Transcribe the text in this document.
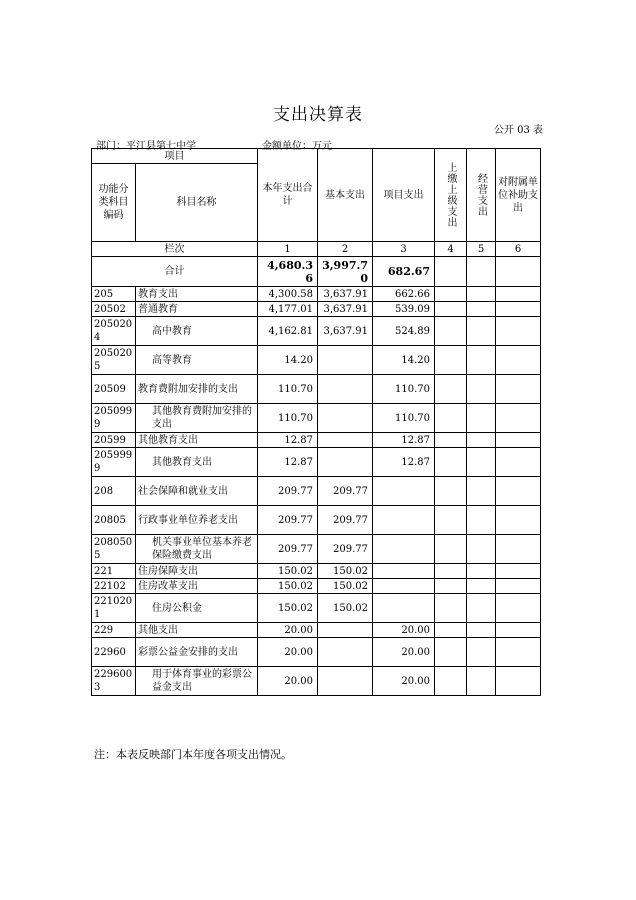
支出决算表
公开 03 表
部门：平江县第七中学	金额单位：万元
项目		本年支出合计	基本支出	项目支出	上缴上级支出	经营支出	对附属单位补助支出
功能分类科目编码	科目名称						
栏次		1	2	3	4	5	6
合计		4,680.36	3,997.70	682.67			
205	教育支出	4,300.58	3,637.91	662.66			
20502	普通教育	4,177.01	3,637.91	539.09			
2050204	高中教育	4,162.81	3,637.91	524.89			
2050205	高等教育	14.20		14.20			
20509	教育费附加安排的支出	110.70		110.70			
2050999	其他教育费附加安排的支出	110.70		110.70			
20599	其他教育支出	12.87		12.87			
2059999	其他教育支出	12.87		12.87			
208	社会保障和就业支出	209.77	209.77				
20805	行政事业单位养老支出	209.77	209.77				
2080505	机关事业单位基本养老保险缴费支出	209.77	209.77				
221	住房保障支出	150.02	150.02				
22102	住房改革支出	150.02	150.02				
2210201	住房公积金	150.02	150.02				
229	其他支出	20.00		20.00			
22960	彩票公益金安排的支出	20.00		20.00			
2296003	用于体育事业的彩票公益金支出	20.00		20.00			
注：本表反映部门本年度各项支出情况。
